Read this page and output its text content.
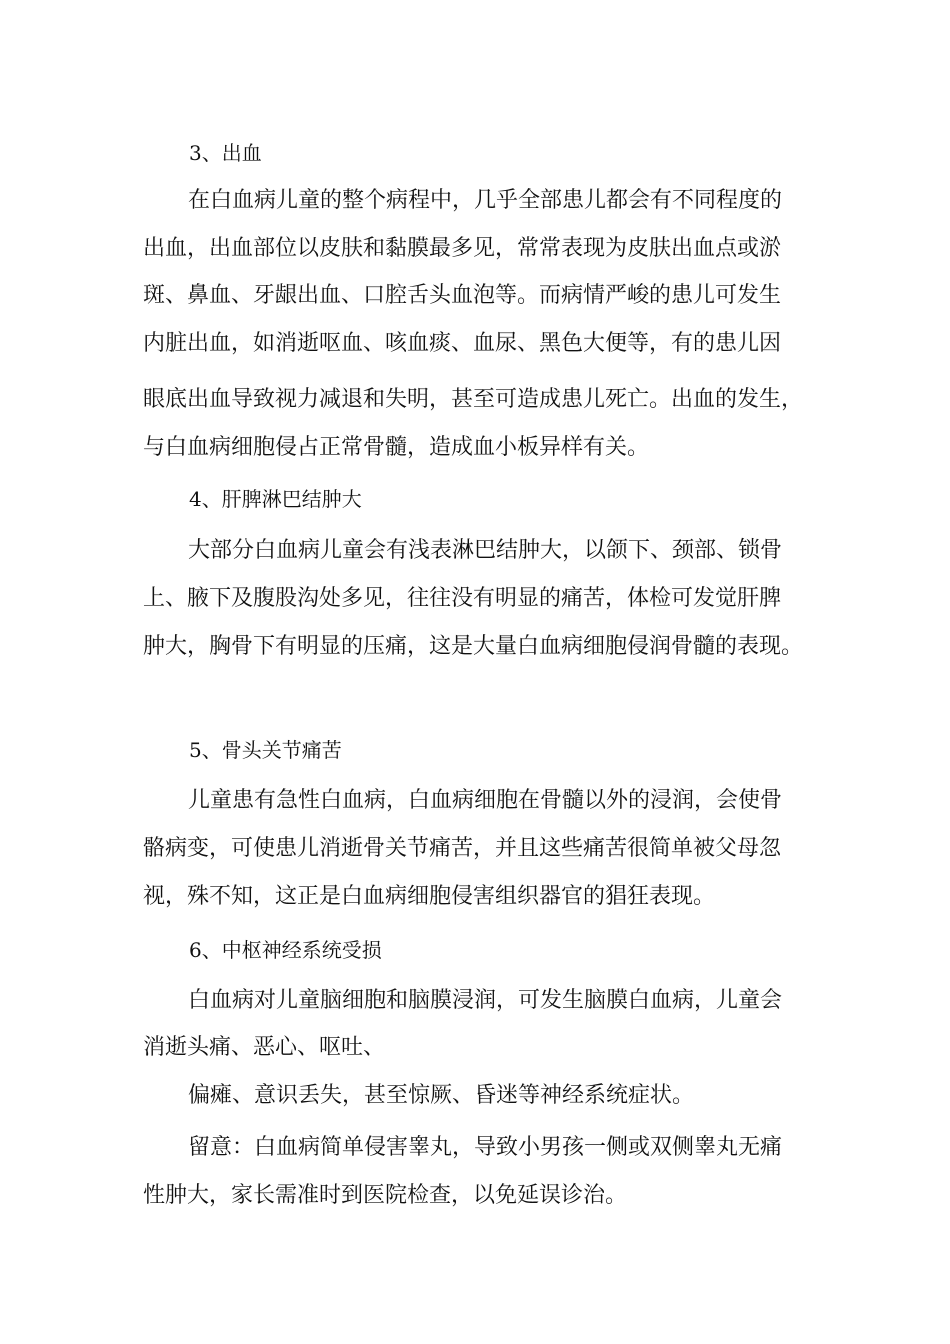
3、出血
在白血病儿童的整个病程中，几乎全部患儿都会有不同程度的
出血，出血部位以皮肤和黏膜最多见，常常表现为皮肤出血点或淤
斑、鼻血、牙龈出血、口腔舌头血泡等。而病情严峻的患儿可发生
内脏出血，如消逝呕血、咳血痰、血尿、黑色大便等，有的患儿因
眼底出血导致视力减退和失明，甚至可造成患儿死亡。出血的发生，
与白血病细胞侵占正常骨髓，造成血小板异样有关。
4、肝脾淋巴结肿大
大部分白血病儿童会有浅表淋巴结肿大，以颌下、颈部、锁骨
上、腋下及腹股沟处多见，往往没有明显的痛苦，体检可发觉肝脾
肿大，胸骨下有明显的压痛，这是大量白血病细胞侵润骨髓的表现。
5、骨头关节痛苦
儿童患有急性白血病，白血病细胞在骨髓以外的浸润，会使骨
骼病变，可使患儿消逝骨关节痛苦，并且这些痛苦很简单被父母忽
视，殊不知，这正是白血病细胞侵害组织器官的猖狂表现。
6、中枢神经系统受损
白血病对儿童脑细胞和脑膜浸润，可发生脑膜白血病，儿童会
消逝头痛、恶心、呕吐、
偏瘫、意识丢失，甚至惊厥、昏迷等神经系统症状。
留意：白血病简单侵害睾丸，导致小男孩一侧或双侧睾丸无痛
性肿大，家长需准时到医院检查，以免延误诊治。
